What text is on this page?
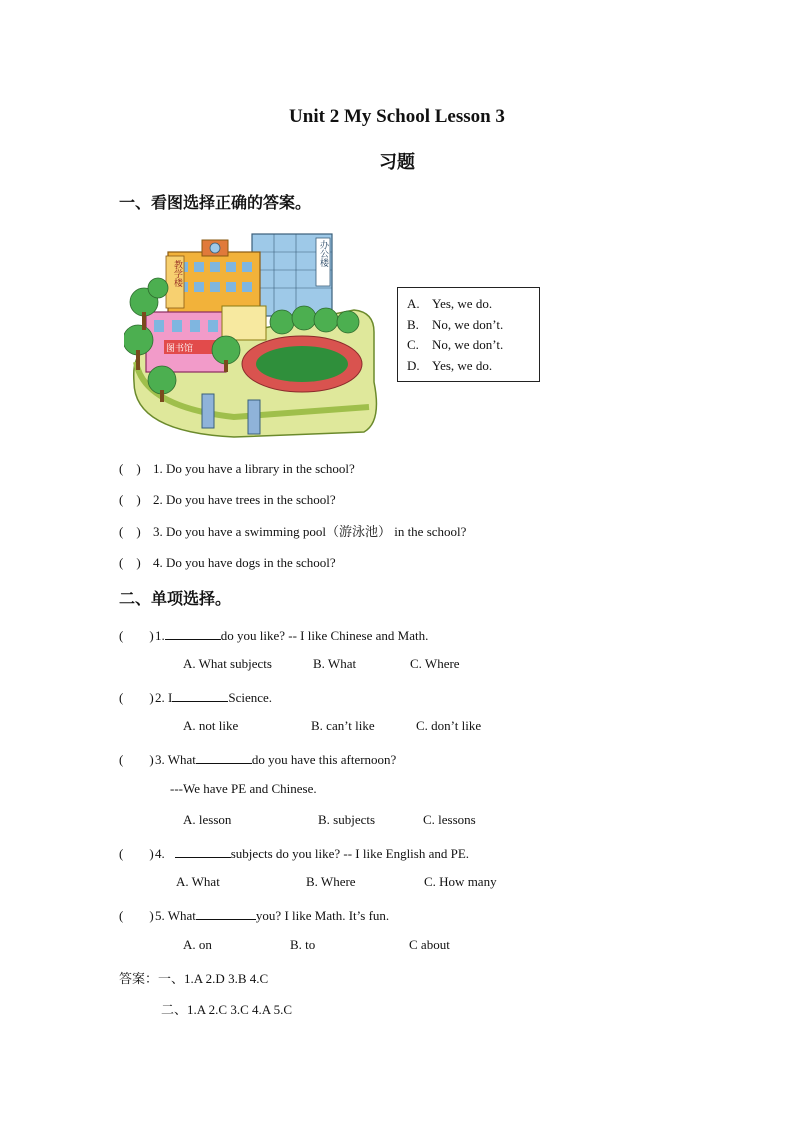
Unit 2 My School Lesson 3
习题
一、看图选择正确的答案。
教学楼
办公楼
图书馆
A. Yes, we do.
B. No, we don’t.
C. No, we don’t.
D. Yes, we do.
(　) 1. Do you have a library in the school?
(　) 2. Do you have trees in the school?
(　) 3. Do you have a swimming pool（游泳池） in the school?
(　) 4. Do you have dogs in the school?
二、单项选择。
(　　)1.	do you like? -- I like Chinese and Math.
A. What subjects	B. What	C. Where
(　　)2. I	Science.
A. not like	B. can’t like	C. don’t like
(　　)3. What	do you have this afternoon?
---We have PE and Chinese.
A. lesson	B. subjects	C. lessons
(　　)4.	subjects do you like? -- I like English and PE.
A. What	B. Where	C. How many
(　　)5. What	you? I like Math. It’s fun.
A. on	B. to	C about
答案：一、1.A 2.D 3.B 4.C
二、1.A 2.C 3.C 4.A 5.C
